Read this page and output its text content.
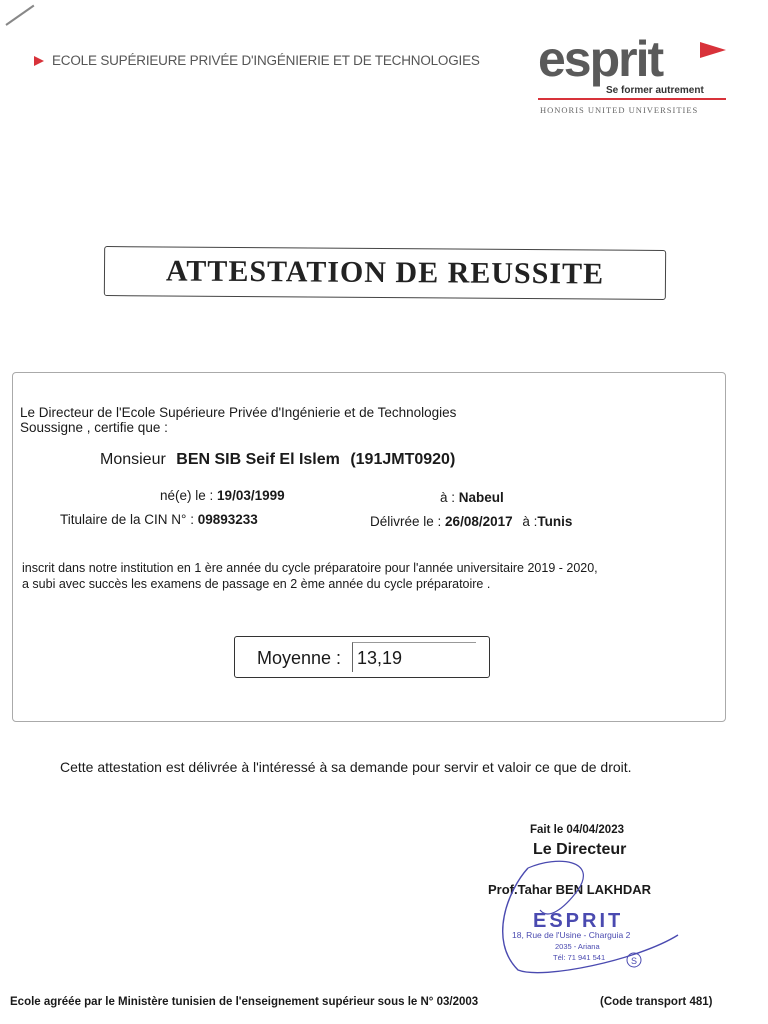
ECOLE SUPÉRIEURE PRIVÉE D'INGÉNIERIE ET DE TECHNOLOGIES esprit
Se former autrement
HONORIS UNITED UNIVERSITIES
ATTESTATION DE REUSSITE
Le Directeur de l'Ecole Supérieure Privée d'Ingénierie et de Technologies
Soussigne , certifie que :
Monsieur BEN SIB Seif El Islem (191JMT0920)
né(e) le : 19/03/1999	à : Nabeul
Titulaire de la CIN N° : 09893233	Délivrée le : 26/08/2017 à :Tunis
inscrit dans notre institution en 1 ère année du cycle préparatoire pour l'année universitaire 2019 - 2020,
a subi avec succès les examens de passage en 2 ème année du cycle préparatoire .
Moyenne : 13,19
Cette attestation est délivrée à l'intéressé à sa demande pour servir et valoir ce que de droit.
Fait le 04/04/2023
Le Directeur
Prof.Tahar BEN LAKHDAR
S
ESPRIT
18, Rue de l'Usine - Charguia 2
2035 - Ariana
Tél: 71 941 541
Ecole agréée par le Ministère tunisien de l'enseignement supérieur sous le N° 03/2003	(Code transport 481)
